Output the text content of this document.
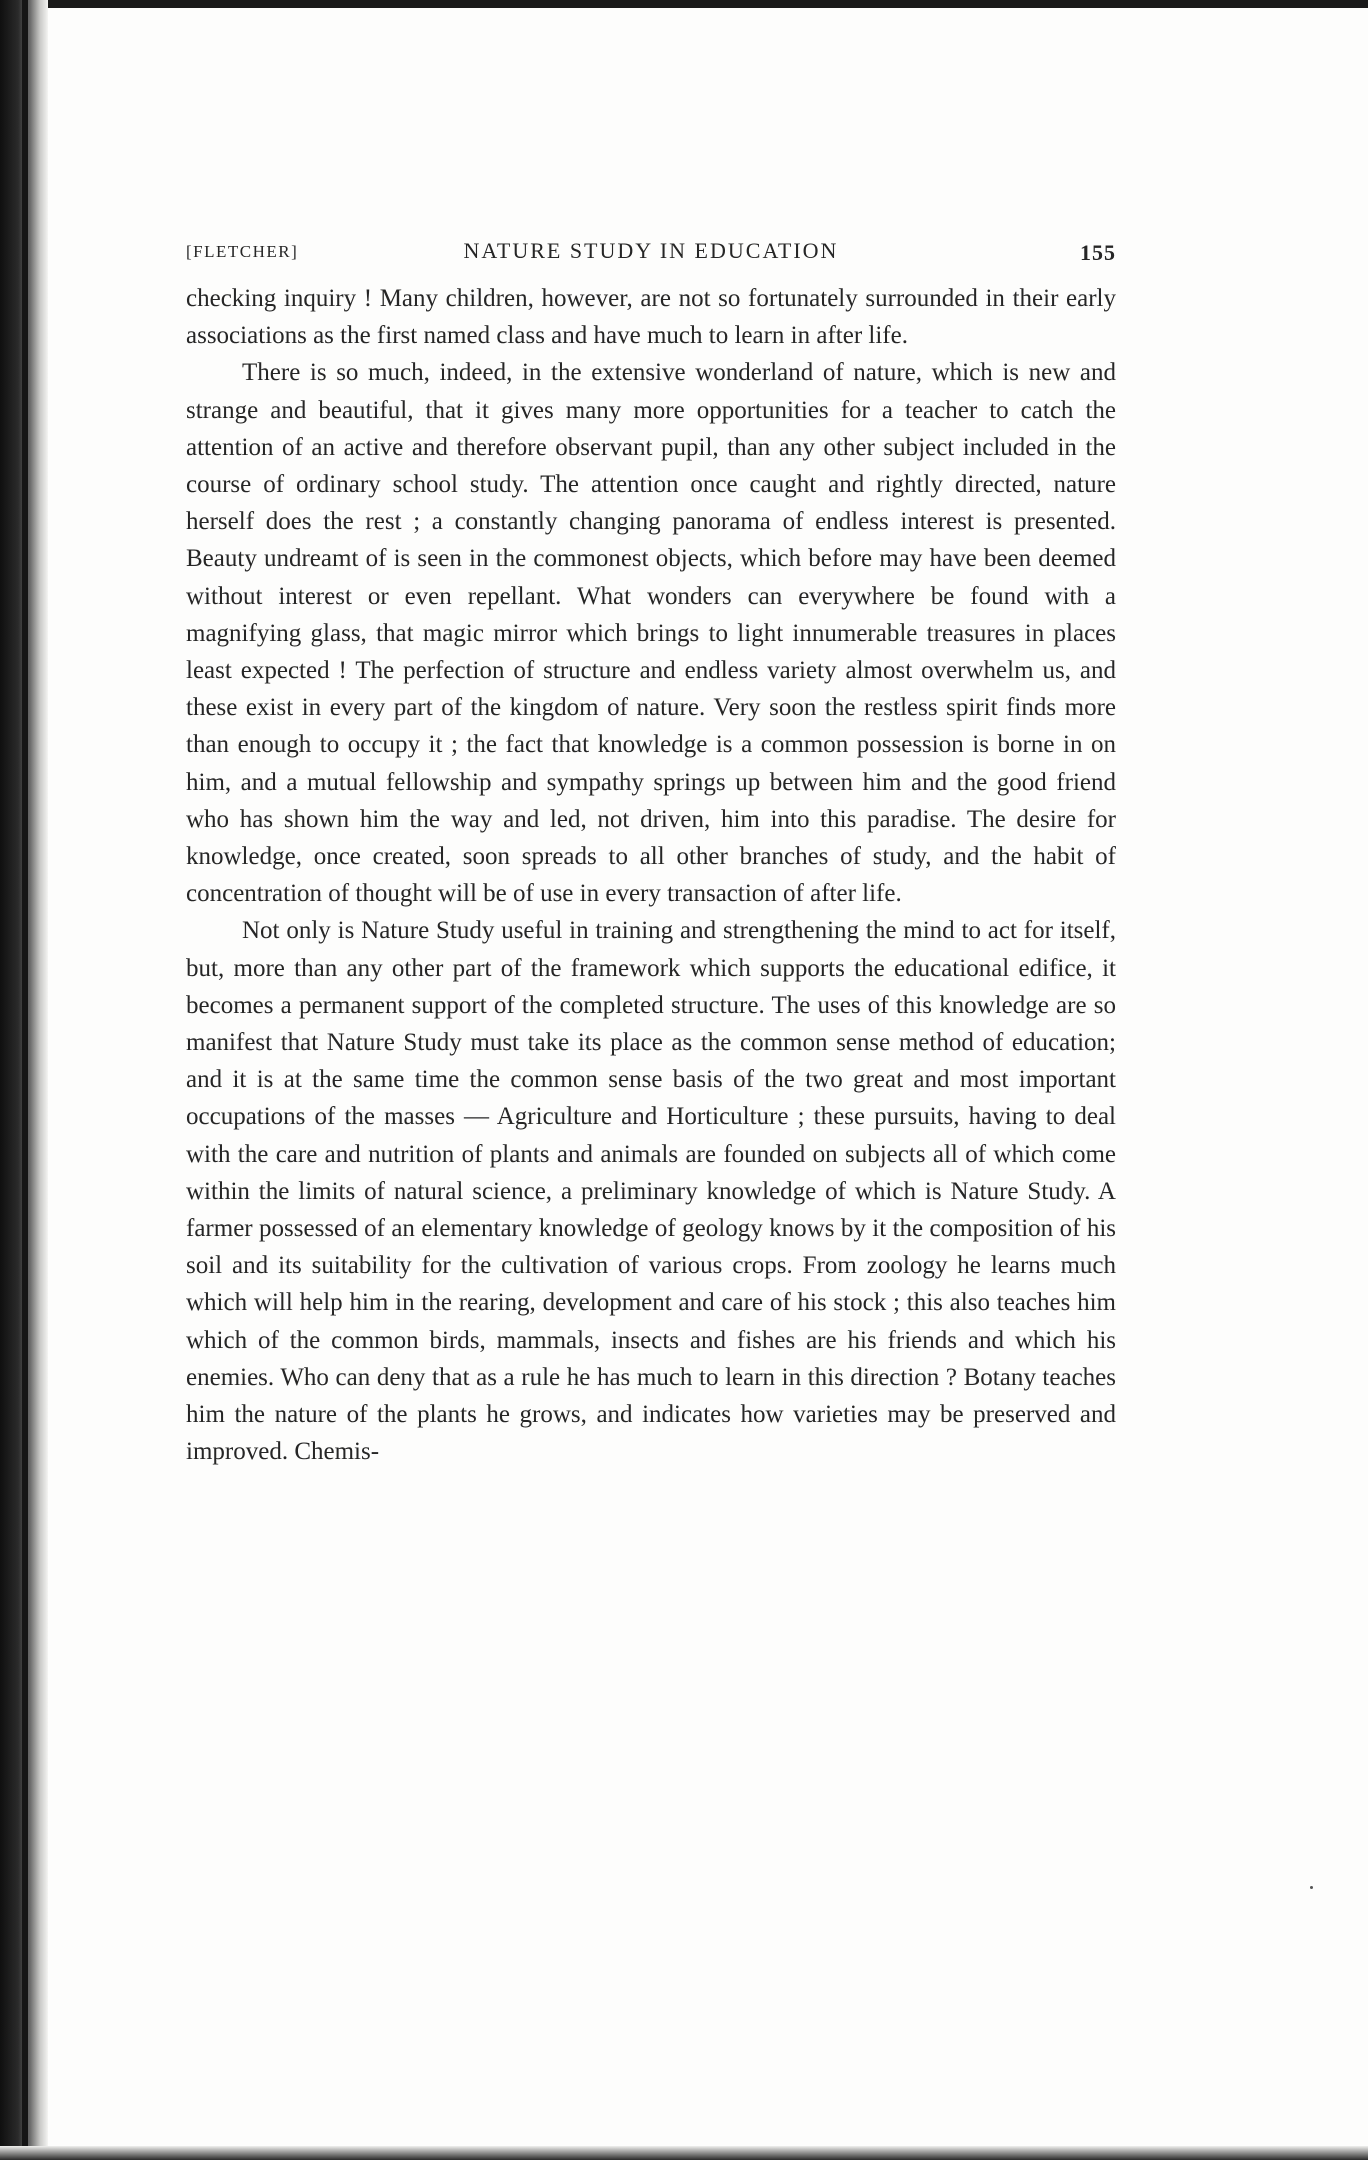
[FLETCHER]	NATURE STUDY IN EDUCATION	155

checking inquiry ! Many children, however, are not so fortunately surrounded in their early associations as the first named class and have much to learn in after life.

There is so much, indeed, in the extensive wonderland of nature, which is new and strange and beautiful, that it gives many more opportunities for a teacher to catch the attention of an active and therefore observant pupil, than any other subject included in the course of ordinary school study. The attention once caught and rightly directed, nature herself does the rest ; a constantly changing panorama of endless interest is presented. Beauty undreamt of is seen in the commonest objects, which before may have been deemed without interest or even repellant. What wonders can everywhere be found with a magnifying glass, that magic mirror which brings to light innumerable treasures in places least expected ! The perfection of structure and endless variety almost overwhelm us, and these exist in every part of the kingdom of nature. Very soon the restless spirit finds more than enough to occupy it ; the fact that knowledge is a common possession is borne in on him, and a mutual fellowship and sympathy springs up between him and the good friend who has shown him the way and led, not driven, him into this paradise. The desire for knowledge, once created, soon spreads to all other branches of study, and the habit of concentration of thought will be of use in every transaction of after life.

Not only is Nature Study useful in training and strengthening the mind to act for itself, but, more than any other part of the framework which supports the educational edifice, it becomes a permanent support of the completed structure. The uses of this knowledge are so manifest that Nature Study must take its place as the common sense method of education; and it is at the same time the common sense basis of the two great and most important occupations of the masses — Agriculture and Horticulture ; these pursuits, having to deal with the care and nutrition of plants and animals are founded on subjects all of which come within the limits of natural science, a preliminary knowledge of which is Nature Study. A farmer possessed of an elementary knowledge of geology knows by it the composition of his soil and its suitability for the cultivation of various crops. From zoology he learns much which will help him in the rearing, development and care of his stock ; this also teaches him which of the common birds, mammals, insects and fishes are his friends and which his enemies. Who can deny that as a rule he has much to learn in this direction ? Botany teaches him the nature of the plants he grows, and indicates how varieties may be preserved and improved. Chemis-
